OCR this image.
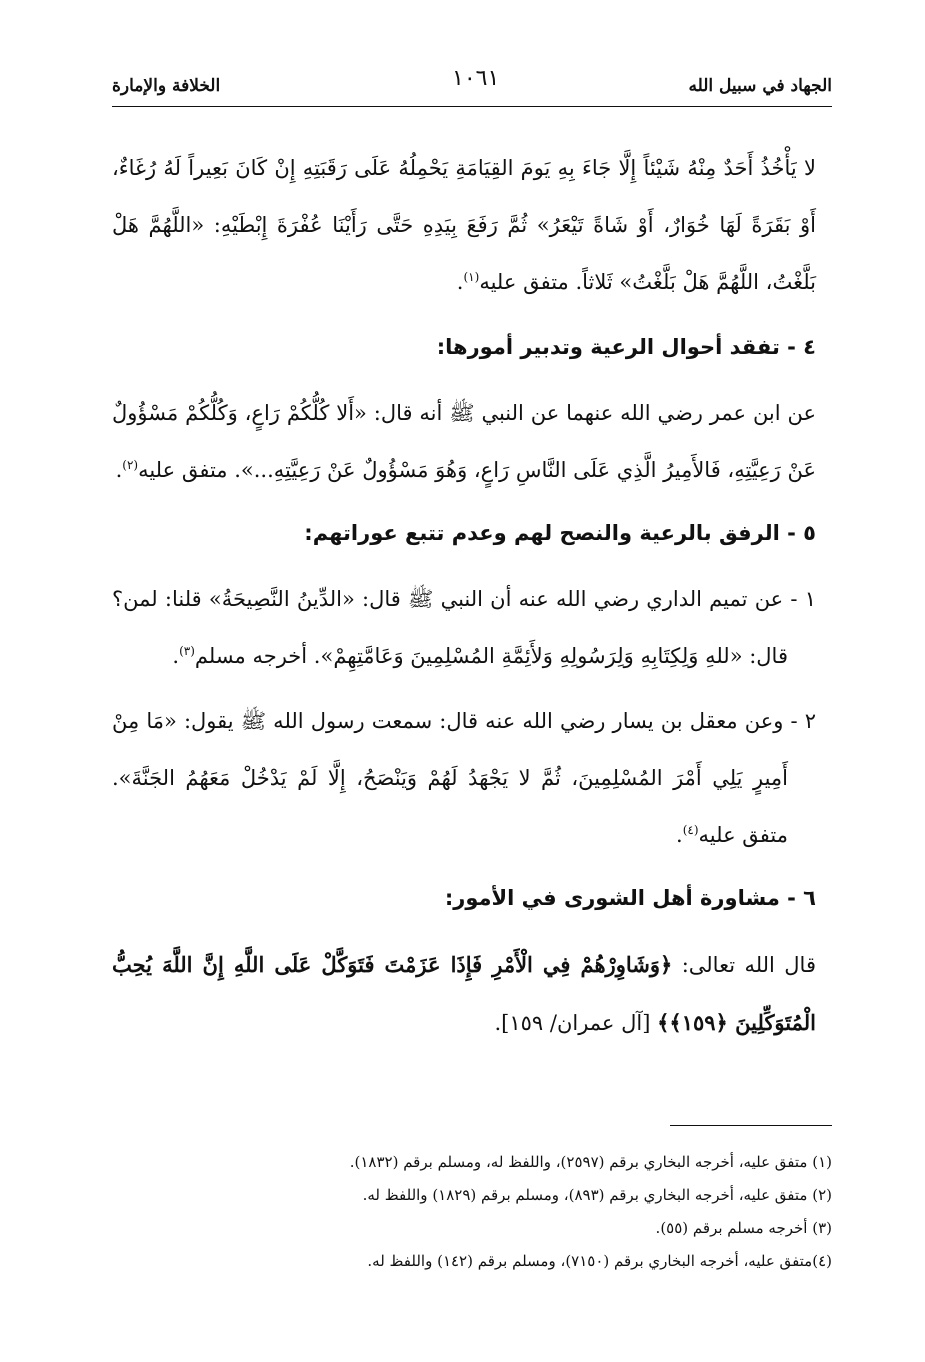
الجهاد في سبيل الله
١٠٦١
الخلافة والإمارة

لا يَأْخُذُ أَحَدٌ مِنْهُ شَيْئاً إِلَّا جَاءَ بِهِ يَومَ القِيَامَةِ يَحْمِلُهُ عَلَى رَقَبَتِهِ إِنْ كَانَ بَعِيراً لَهُ رُغَاءٌ، أَوْ بَقَرَةً لَهَا خُوَارٌ، أَوْ شَاةً تَيْعَرُ» ثُمَّ رَفَعَ بِيَدِهِ حَتَّى رَأَيْنَا عُفْرَةَ إِبْطَيْهِ: «اللَّهُمَّ هَلْ بَلَّغْتُ، اللَّهُمَّ هَلْ بَلَّغْتُ» ثَلاثاً. متفق عليه$^{(١)}$.

٤ - تفقد أحوال الرعية وتدبير أمورها:

عن ابن عمر رضي الله عنهما عن النبي ﷺ أنه قال: «أَلا كُلُّكُمْ رَاعٍ، وَكُلُّكُمْ مَسْؤُولٌ عَنْ رَعِيَّتِهِ، فَالأَمِيرُ الَّذِي عَلَى النَّاسِ رَاعٍ، وَهُوَ مَسْؤُولٌ عَنْ رَعِيَّتِهِ...». متفق عليه$^{(٢)}$.

٥ - الرفق بالرعية والنصح لهم وعدم تتبع عوراتهم:

١ - عن تميم الداري رضي الله عنه أن النبي ﷺ قال: «الدِّينُ النَّصِيحَةُ» قلنا: لمن؟ قال: «للهِ وَلِكِتَابِهِ وَلِرَسُولِهِ وَلأَئِمَّةِ المُسْلِمِينَ وَعَامَّتِهِمْ». أخرجه مسلم$^{(٣)}$.

٢ - وعن معقل بن يسار رضي الله عنه قال: سمعت رسول الله ﷺ يقول: «مَا مِنْ أَمِيرٍ يَلِي أَمْرَ المُسْلِمِينَ، ثُمَّ لا يَجْهَدُ لَهُمْ وَيَنْصَحُ، إِلَّا لَمْ يَدْخُلْ مَعَهُمُ الجَنَّةَ». متفق عليه$^{(٤)}$.

٦ - مشاورة أهل الشورى في الأمور:

قال الله تعالى: ﴿وَشَاوِرْهُمْ فِي الْأَمْرِ فَإِذَا عَزَمْتَ فَتَوَكَّلْ عَلَى اللَّهِ إِنَّ اللَّهَ يُحِبُّ الْمُتَوَكِّلِينَ ﴿١٥٩﴾﴾ [آل عمران/ ١٥٩].

(١) متفق عليه، أخرجه البخاري برقم (٢٥٩٧)، واللفظ له، ومسلم برقم (١٨٣٢).

(٢) متفق عليه، أخرجه البخاري برقم (٨٩٣)، ومسلم برقم (١٨٢٩) واللفظ له.

(٣) أخرجه مسلم برقم (٥٥).

(٤)متفق عليه، أخرجه البخاري برقم (٧١٥٠)، ومسلم برقم (١٤٢) واللفظ له.
